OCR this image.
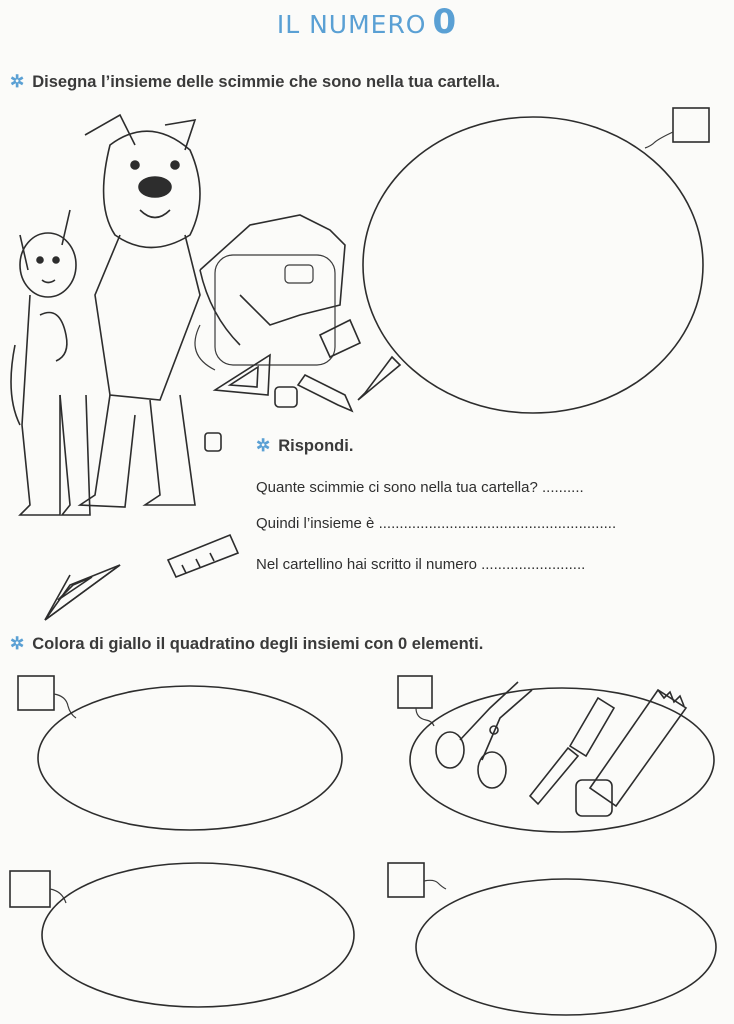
IL NUMERO 0
✲ Disegna l’insieme delle scimmie che sono nella tua cartella.
✲ Rispondi.
Quante scimmie ci sono nella tua cartella? ..........
Quindi l’insieme è .........................................................
Nel cartellino hai scritto il numero .........................
✲ Colora di giallo il quadratino degli insiemi con 0 elementi.
